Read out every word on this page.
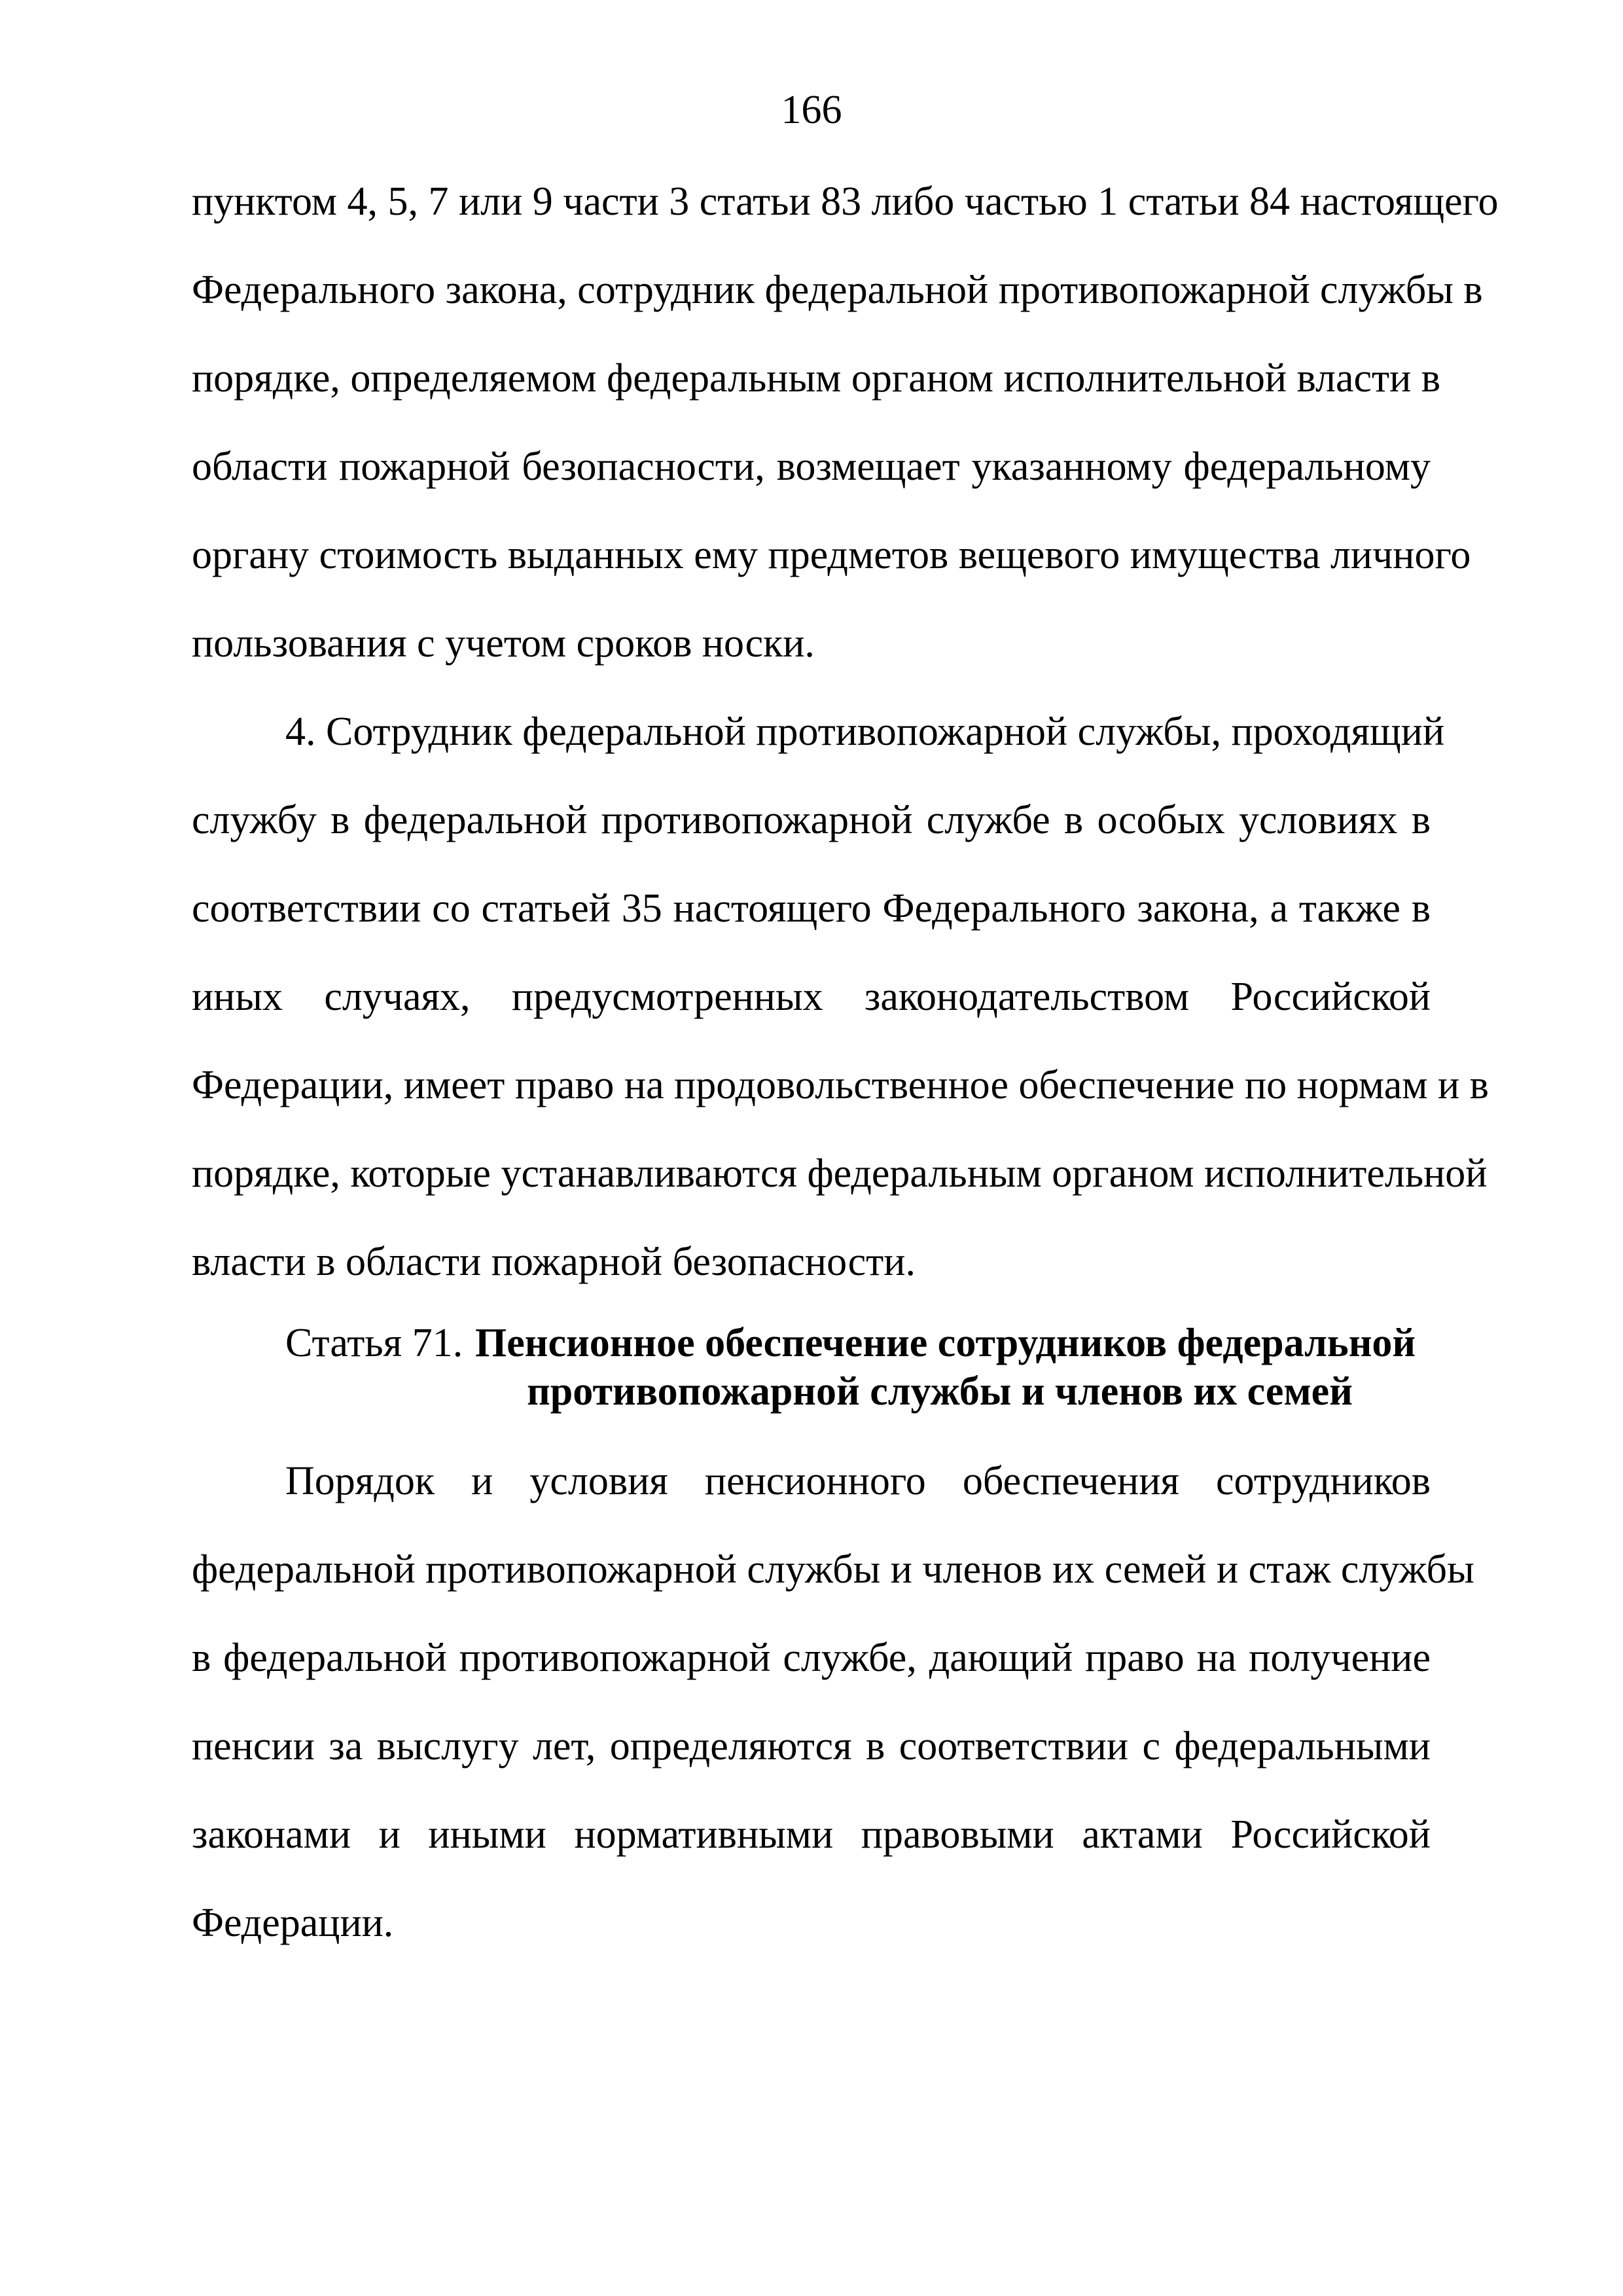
166
пунктом 4, 5, 7 или 9 части 3 статьи 83 либо частью 1 статьи 84 настоящего
Федерального закона, сотрудник федеральной противопожарной службы в
порядке, определяемом федеральным органом исполнительной власти в
области пожарной безопасности, возмещает указанному федеральному
органу стоимость выданных ему предметов вещевого имущества личного
пользования с учетом сроков носки.
4. Сотрудник федеральной противопожарной службы, проходящий
службу в федеральной противопожарной службе в особых условиях в
соответствии со статьей 35 настоящего Федерального закона, а также в
иных случаях, предусмотренных законодательством Российской
Федерации, имеет право на продовольственное обеспечение по нормам и в
порядке, которые устанавливаются федеральным органом исполнительной
власти в области пожарной безопасности.
Статья 71. Пенсионное обеспечение сотрудников федеральной
противопожарной службы и членов их семей
Порядок и условия пенсионного обеспечения сотрудников
федеральной противопожарной службы и членов их семей и стаж службы
в федеральной противопожарной службе, дающий право на получение
пенсии за выслугу лет, определяются в соответствии с федеральными
законами и иными нормативными правовыми актами Российской
Федерации.
